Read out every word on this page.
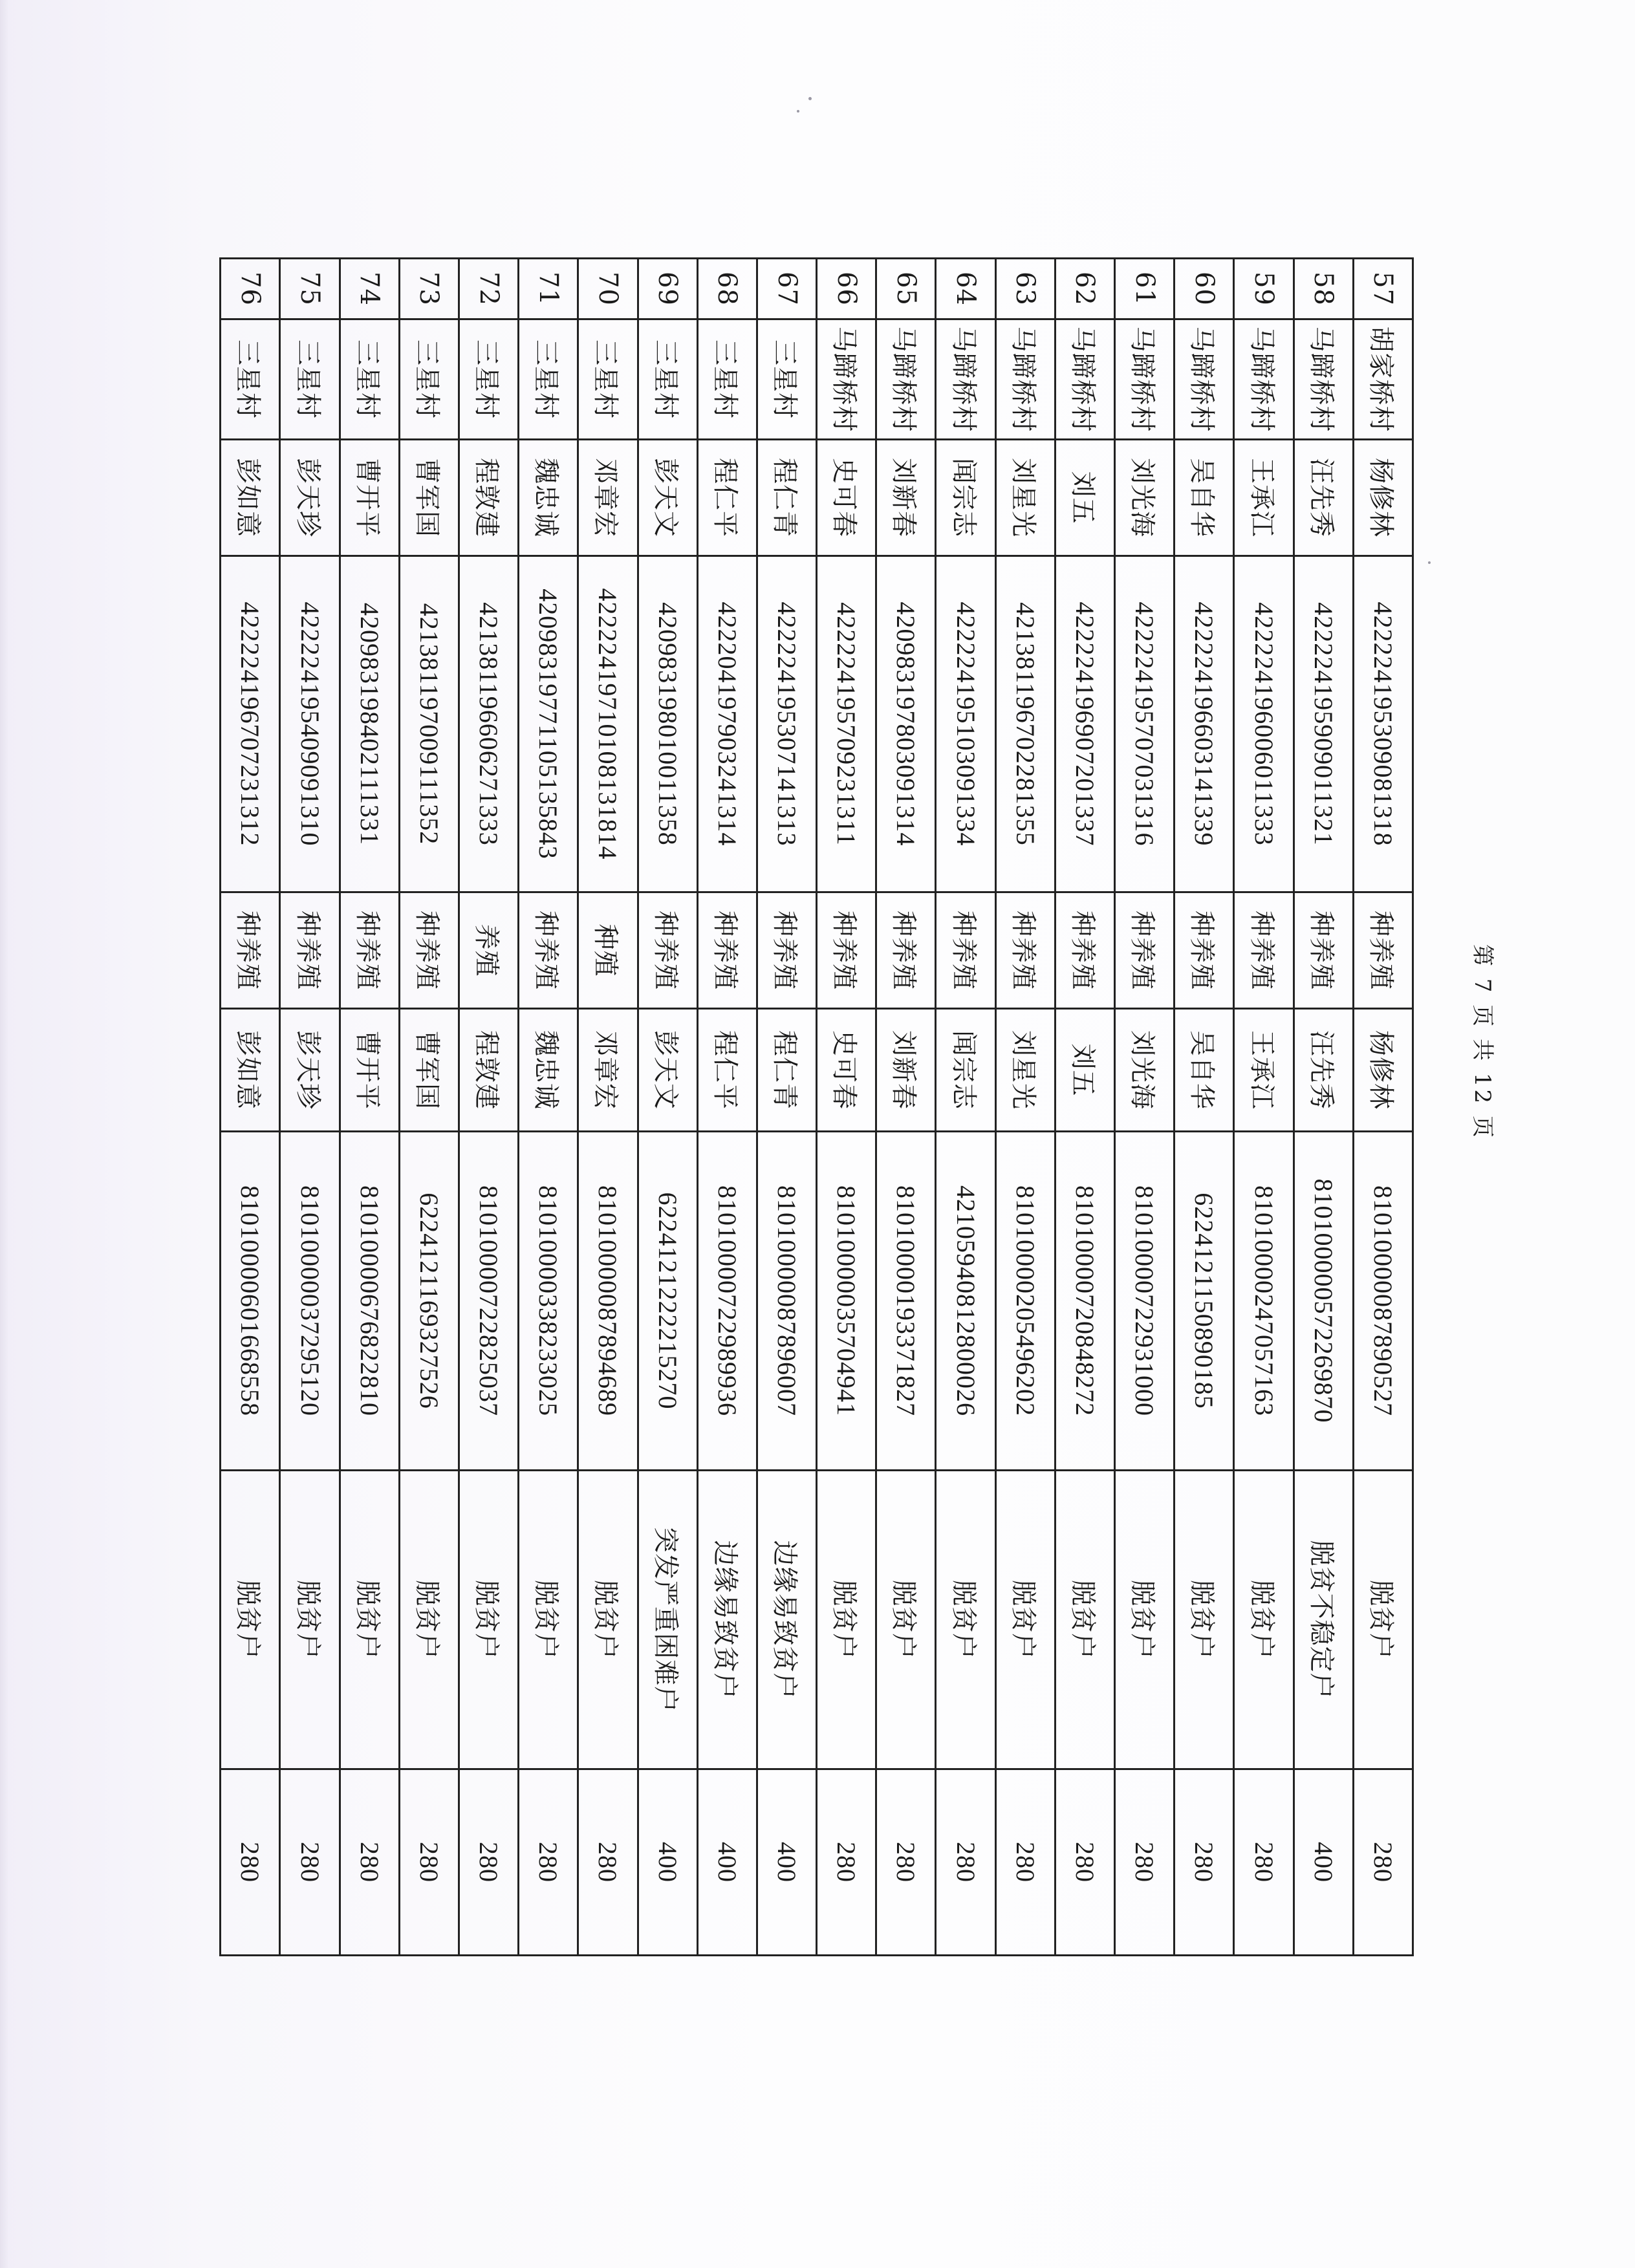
57	胡家桥村	杨修林	422224195309081318	种养殖	杨修林	81010000087890527	脱贫户	280
58	马蹄桥村	汪先秀	422224195909011321	种养殖	汪先秀	810100000572269870	脱贫不稳定户	400
59	马蹄桥村	王承江	422224196006011333	种养殖	王承江	81010000247057163	脱贫户	280
60	马蹄桥村	吴自华	422224196603141339	种养殖	吴自华	6224121150890185	脱贫户	280
61	马蹄桥村	刘光海	422224195707031316	种养殖	刘光海	81010000722931000	脱贫户	280
62	马蹄桥村	刘五	422224196907201337	种养殖	刘五	81010000720848272	脱贫户	280
63	马蹄桥村	刘星光	421381196702281355	种养殖	刘星光	81010000205496202	脱贫户	280
64	马蹄桥村	闻宗志	422224195103091334	种养殖	闻宗志	42105940812800026	脱贫户	280
65	马蹄桥村	刘新春	420983197803091314	种养殖	刘新春	81010000193371827	脱贫户	280
66	马蹄桥村	史可春	422224195709231311	种养殖	史可春	81010000035704941	脱贫户	280
67	三星村	程仁青	422224195307141313	种养殖	程仁青	81010000087896007	边缘易致贫户	400
68	三星村	程仁平	422204197903241314	种养殖	程仁平	81010000722989936	边缘易致贫户	400
69	三星村	彭天文	420983198010011358	种养殖	彭天文	6224121222215270	突发严重困难户	400
70	三星村	邓章宏	42222419710108131814	种殖	邓章宏	81010000087894689	脱贫户	280
71	三星村	魏忠诚	42098319771105135843	种养殖	魏忠诚	81010000338233025	脱贫户	280
72	三星村	程敦建	421381196606271333	养殖	程敦建	81010000722825037	脱贫户	280
73	三星村	曹军国	421381197009111352	种养殖	曹军国	6224121169327526	脱贫户	280
74	三星村	曹开平	420983198402111331	种养殖	曹开平	81010000676822810	脱贫户	280
75	三星村	彭天珍	422224195409091310	种养殖	彭天珍	81010000037295120	脱贫户	280
76	三星村	彭如意	422224196707231312	种养殖	彭如意	81010000601668558	脱贫户	280
第 7 页 共 12 页
